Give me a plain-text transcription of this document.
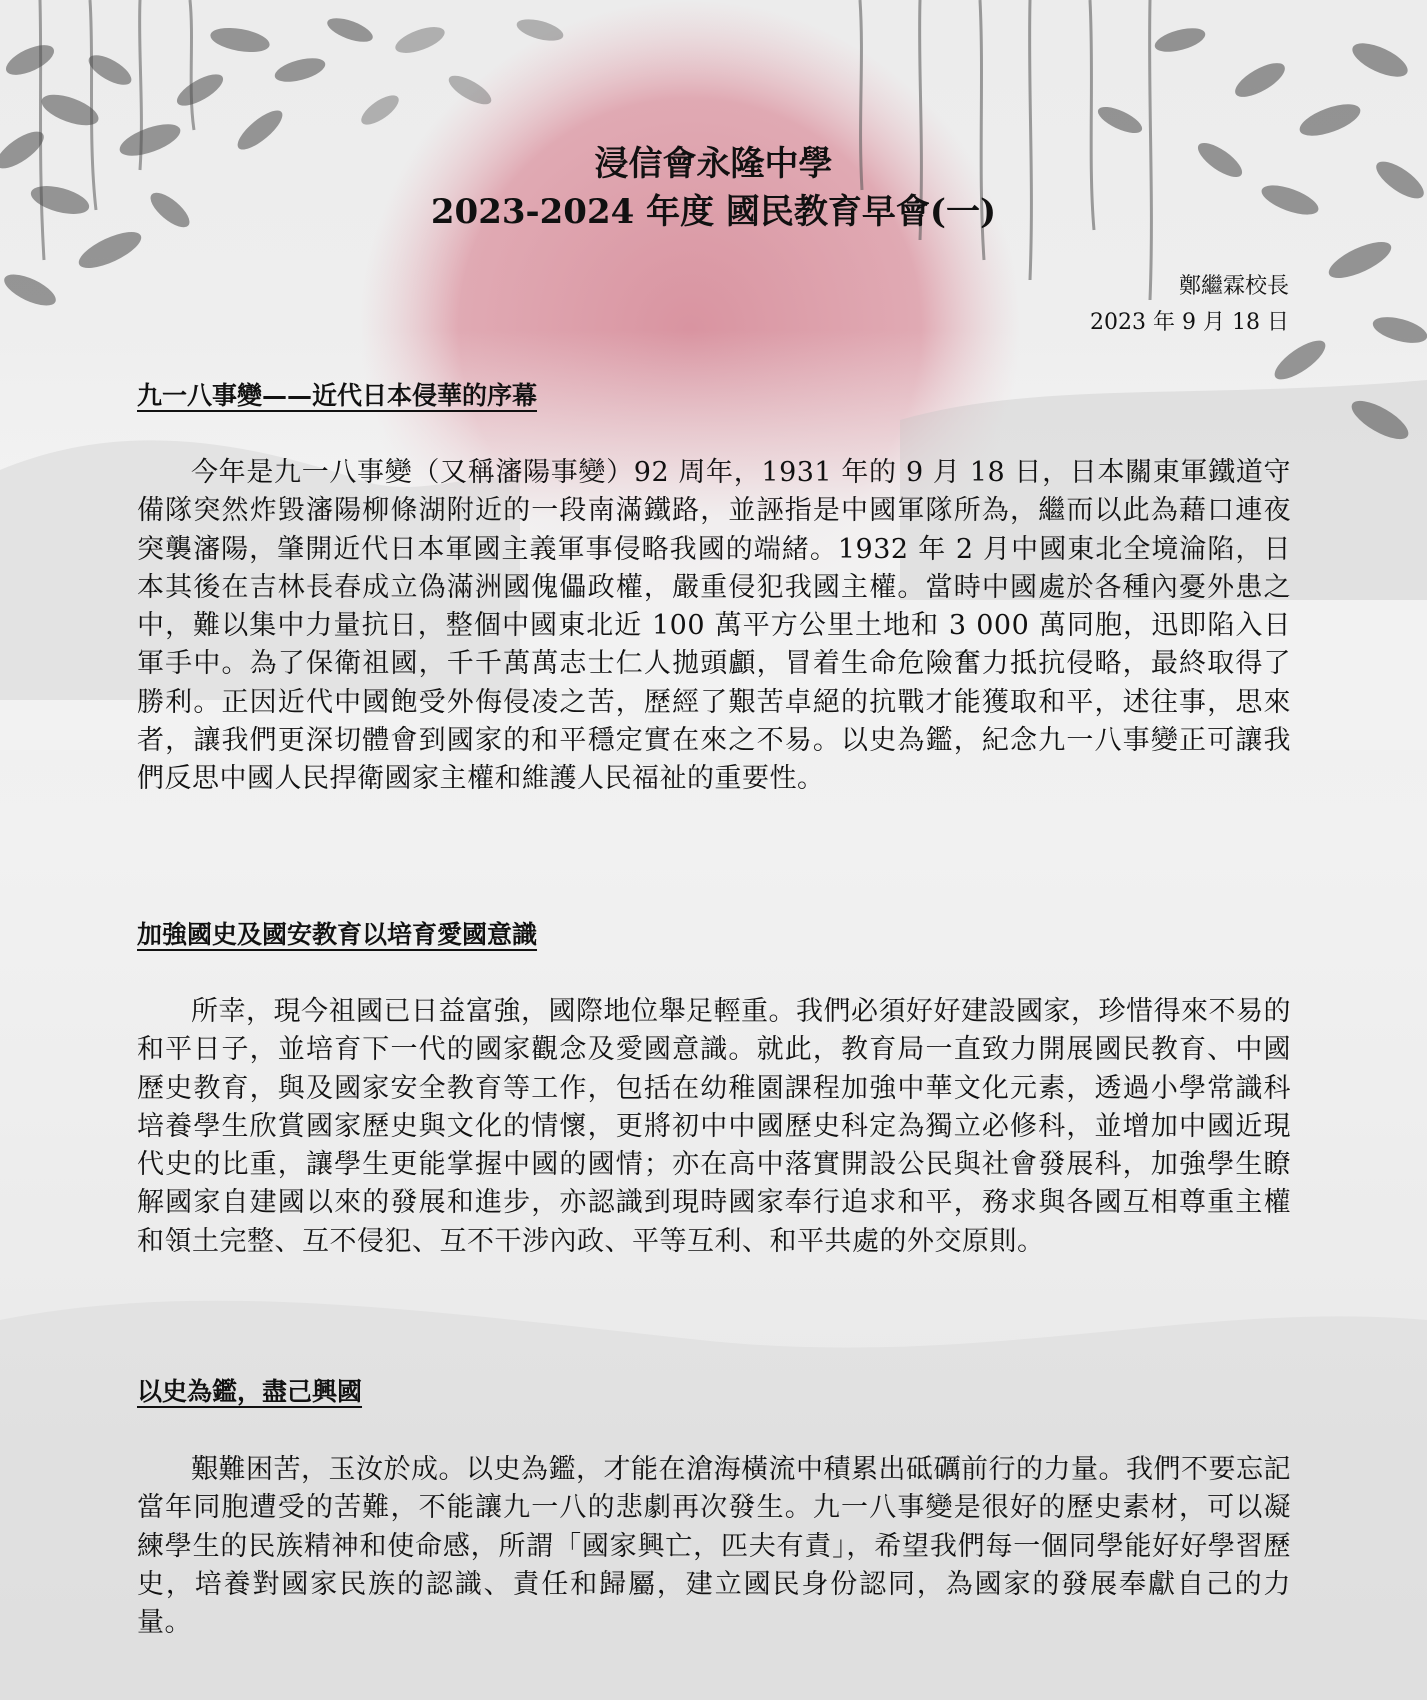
浸信會永隆中學
2023-2024 年度 國民教育早會(一)
鄭繼霖校長
2023 年 9 月 18 日
九一八事變——近代日本侵華的序幕

今年是九一八事變（又稱瀋陽事變）92 周年，1931 年的 9 月 18 日，日本關東軍鐵道守備隊突然炸毀瀋陽柳條湖附近的一段南滿鐵路，並誣指是中國軍隊所為，繼而以此為藉口連夜突襲瀋陽，肇開近代日本軍國主義軍事侵略我國的端緒。1932 年 2 月中國東北全境淪陷，日本其後在吉林長春成立偽滿洲國傀儡政權，嚴重侵犯我國主權。當時中國處於各種內憂外患之中，難以集中力量抗日，整個中國東北近 100 萬平方公里土地和 3 000 萬同胞，迅即陷入日軍手中。為了保衛祖國，千千萬萬志士仁人拋頭顱，冒着生命危險奮力抵抗侵略，最終取得了勝利。正因近代中國飽受外侮侵凌之苦，歷經了艱苦卓絕的抗戰才能獲取和平，述往事，思來者，讓我們更深切體會到國家的和平穩定實在來之不易。以史為鑑，紀念九一八事變正可讓我們反思中國人民捍衛國家主權和維護人民福祉的重要性。

加強國史及國安教育以培育愛國意識

所幸，現今祖國已日益富強，國際地位舉足輕重。我們必須好好建設國家，珍惜得來不易的和平日子，並培育下一代的國家觀念及愛國意識。就此，教育局一直致力開展國民教育、中國歷史教育，與及國家安全教育等工作，包括在幼稚園課程加強中華文化元素，透過小學常識科培養學生欣賞國家歷史與文化的情懷，更將初中中國歷史科定為獨立必修科，並增加中國近現代史的比重，讓學生更能掌握中國的國情；亦在高中落實開設公民與社會發展科，加強學生瞭解國家自建國以來的發展和進步，亦認識到現時國家奉行追求和平，務求與各國互相尊重主權和領土完整、互不侵犯、互不干涉內政、平等互利、和平共處的外交原則。

以史為鑑，盡己興國

艱難困苦，玉汝於成。以史為鑑，才能在滄海橫流中積累出砥礪前行的力量。我們不要忘記當年同胞遭受的苦難，不能讓九一八的悲劇再次發生。九一八事變是很好的歷史素材，可以凝練學生的民族精神和使命感，所謂「國家興亡，匹夫有責」，希望我們每一個同學能好好學習歷史，培養對國家民族的認識、責任和歸屬，建立國民身份認同，為國家的發展奉獻自己的力量。
